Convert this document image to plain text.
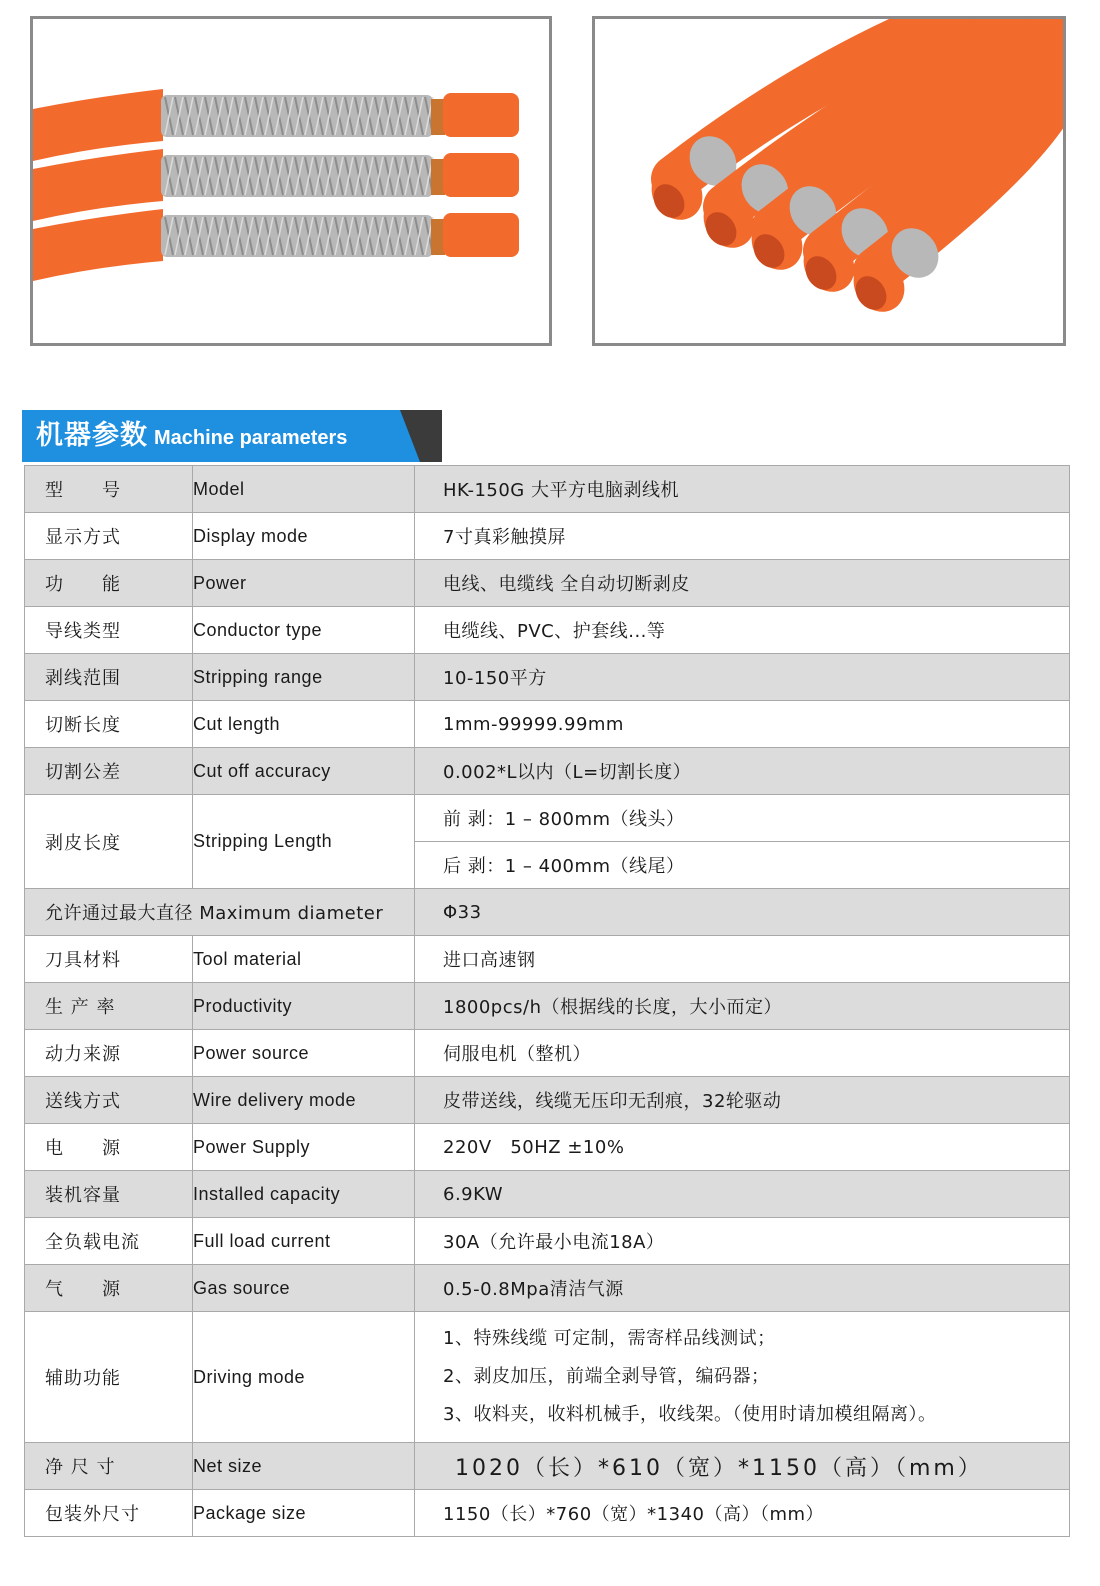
机器参数 Machine parameters
型　　号	Model	HK-150G 大平方电脑剥线机
显示方式	Display mode	7寸真彩触摸屏
功　　能	Power	电线、电缆线 全自动切断剥皮
导线类型	Conductor type	电缆线、PVC、护套线...等
剥线范围	Stripping range	10-150平方
切断长度	Cut length	1mm-99999.99mm
切割公差	Cut off accuracy	0.002*L以内（L=切割长度）
剥皮长度	Stripping Length	前 剥：1 – 800mm（线头）
		后 剥：1 – 400mm（线尾）
允许通过最大直径 Maximum diameter		Φ33
刀具材料	Tool material	进口高速钢
生 产 率	Productivity	1800pcs/h（根据线的长度，大小而定）
动力来源	Power source	伺服电机（整机）
送线方式	Wire delivery mode	皮带送线，线缆无压印无刮痕，32轮驱动
电　　源	Power Supply	220V   50HZ ±10%
装机容量	Installed capacity	6.9KW
全负载电流	Full load current	30A（允许最小电流18A）
气　　源	Gas source	0.5-0.8Mpa清洁气源
辅助功能	Driving mode	1、特殊线缆 可定制，需寄样品线测试；
2、剥皮加压，前端全剥导管，编码器；
3、收料夹，收料机械手，收线架。（使用时请加模组隔离）。

净 尺 寸	Net size	1020（长）*610（宽）*1150（高）（mm）
包装外尺寸	Package size	1150（长）*760（宽）*1340（高）（mm）
